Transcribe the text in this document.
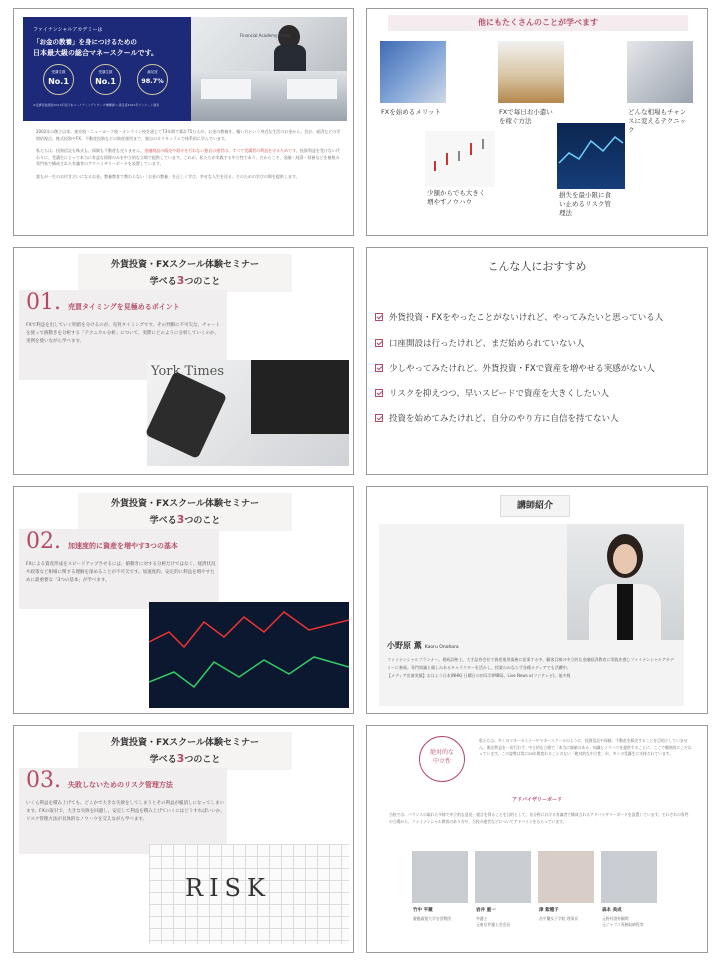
ファイナンシャルアカデミーは
「お金の教養」を身につけるための
日本最大級の総合マネースクールです。
受講生数
No.1
受講生数
No.1
満足度
98.7%
※受講者数調査2021年度日本マーケティングリサーチ機構調べ 満足度2021年アンケート調査
Financial Academy Group

2002年の創立以来、東京校・ニューヨーク校・オンライン校を通じて73年間で累計75万人が、お金の教養を、幅い方という身近な生活のお金から、会計、経済などの学問的視点、株式投資やFX、不動産投資などの資産運用まで、独自のカリキュラムで体系的に学んでいます。

私たちは、投資信託も株式も、保険も不動産も売りません。金融商品の販売や紹介を行わない独自の運営は、すべて受講者の利益を守るためです。投資利益を受けない代わりに、受講生にとって本当に有益な情報のみを中立的な立場で提供しています。これが、私たちが実践する中立性であり、だからこそ、金融・経済・財務などを複数の専門家で構成された有識者のアドバイザリーボードを設置しています。

誰もが一生のお付き合いになるお金。教養教育で教わらない「お金の教養」を正しく学び、幸せな人生を送る、そのための学びの場を提供します。

他にもたくさんのことが学べます
FXを始めるメリット	FXで毎日お小遣い
を稼ぐ方法
どんな相場もチャン
スに変えるテクニッ
ク
少額からでも大きく
増やすノウハウ
損失を最小限に食
い止めるリスク管
理法
外貨投資・FXスクール体験セミナー
学べる3つのこと
01. 売買タイミングを見極めるポイント
FXで利益を出していく明暗を分けるのが、売買タイミングです。その判断に不可欠な、チャートを使って値動きを分析する「テクニカル分析」について、実際にどのように分析していくのか、実例を使いながら学べます。
York Times
こんな人におすすめ
外貨投資・FXをやったことがないけれど、やってみたいと思っている人
口座開設は行ったけれど、まだ始められていない人
少しやってみたけれど、外貨投資・FXで資産を増やせる実感がない人
リスクを抑えつつ、早いスピードで資産を大きくしたい人
投資を始めてみたけれど、自分のやり方に自信を持てない人
外貨投資・FXスクール体験セミナー
学べる3つのこと
02. 加速度的に資産を増やす3つの基本
FXによる資産形成をスピードアップさせるには、値動きに対する分析だけではなく、経済状況や政策など相場に関する理解を深めることが不可欠です。加速度的、安定的に利益を増やすために最重要な「3つの基本」が学べます。
講師紹介
小野原 薫 Kaoru Onohara
ファイナンシャルプランナー。相続診断士。大手証券会社で資産運用業務に従事する中、顧客目線の中立的な金融経済教育に実践を感じファイナンシャルアカデミーに参画。専門知識と親しみあるキャラクターを活かし、授業のみならず各種メディアでも活躍中。
【メディア出演実績】おはよう日本(NHK) 日曜日の初耳学(MBS)、Live News α(フジテレビ)、他多数
外貨投資・FXスクール体験セミナー
学べる3つのこと
03. 失敗しないためのリスク管理方法
いくら利益を積み上げても、どこかで大きな失敗をしてしまうとその利益が帳消しになってしまいます。FXの取引で、大きな失敗を回避し、安定して利益を積み上げていくにはどうすればいいか、リスク管理方法が具体的なノウハウを交えながら学べます。
RISK
絶対的な
中立性
私たちは、多くのマネーセミナーやマネースクールのように、投資信託や保険、不動産を販売することを目的としていません。販売利益を一切行わず、中立的な立場で「本当に価値のある」知識とノウハウを提供することに、ここで徹底的にこだわっています。この姿勢は常に20年間変わることのない「絶対的な中立性」が、多くの受講生に支持されています。
アドバイザリーボード
当校では、バランスの取れた多様で中立的な意見・提言を得ることを目的として、各分野における有識者で構成されるアドバイザリーボードを設置しています。それぞれの専門の立場から、ファイナンシャル教育のあり方や、当校の運営などについてアドバイスをもらっています。
竹中 平蔵
慶應義塾大学名誉教授
岩井 重一
弁護士
元東京弁護士会会長
津 紫穂子
昌平黌女子学院 理事長
森本 美成
元野村證券顧問
元ジャフコ専務取締役等
